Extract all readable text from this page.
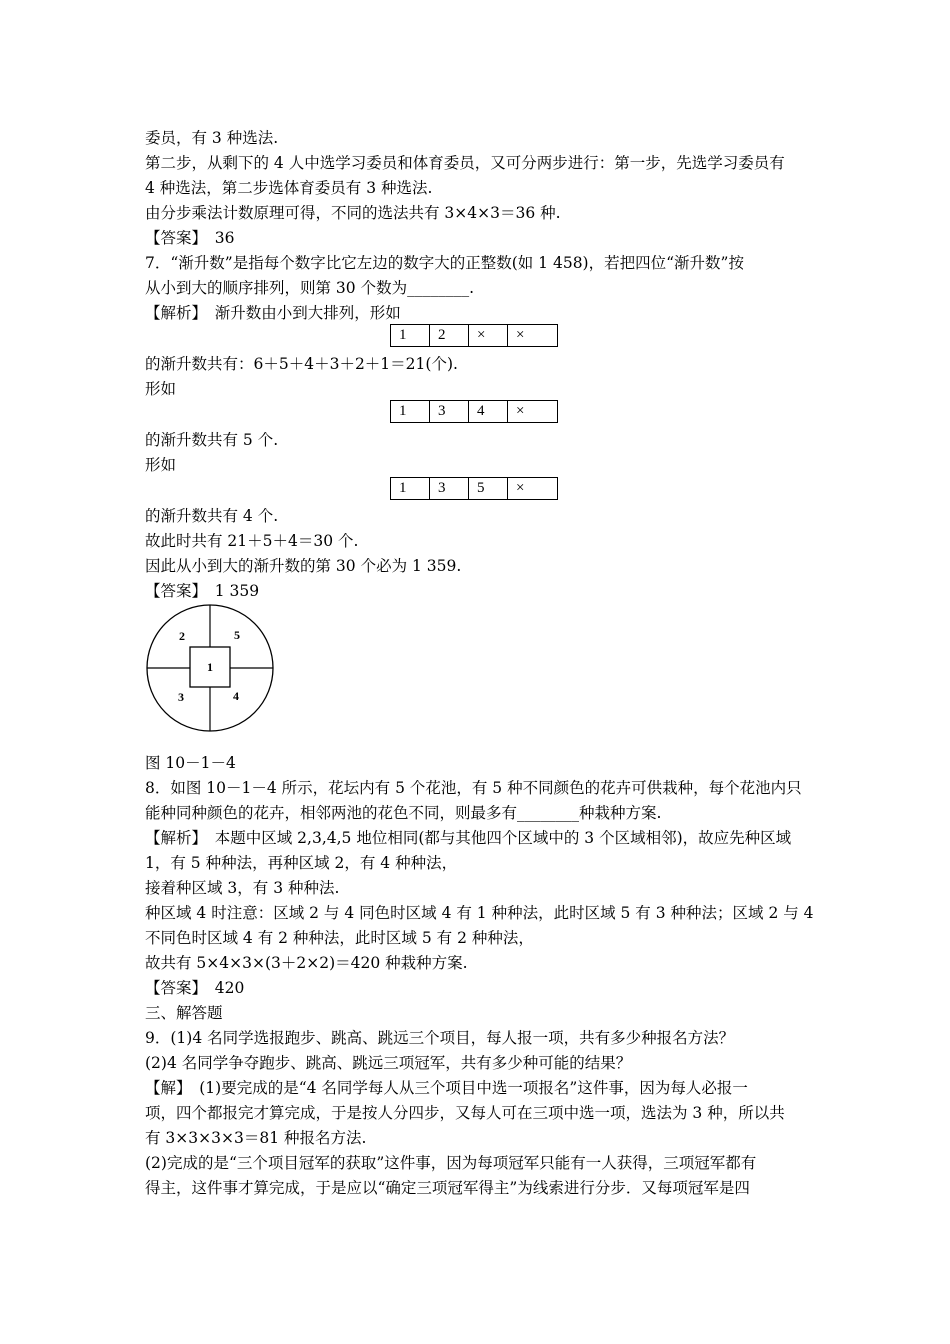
委员，有 3 种选法.
第二步，从剩下的 4 人中选学习委员和体育委员，又可分两步进行：第一步，先选学习委员有
4 种选法，第二步选体育委员有 3 种选法.
由分步乘法计数原理可得，不同的选法共有 3×4×3＝36 种.
【答案】　36
7．“渐升数”是指每个数字比它左边的数字大的正整数(如 1 458)，若把四位“渐升数”按
从小到大的顺序排列，则第 30 个数为________.
【解析】　渐升数由小到大排列，形如
1	2	×	×
的渐升数共有：6＋5＋4＋3＋2＋1＝21(个).
形如
1	3	4	×
的渐升数共有 5 个.
形如
1	3	5	×
的渐升数共有 4 个.
故此时共有 21＋5＋4＝30 个.
因此从小到大的渐升数的第 30 个必为 1 359.
【答案】　1 359
1
2
3	4
5
图 10－1－4
8．如图 10－1－4 所示，花坛内有 5 个花池，有 5 种不同颜色的花卉可供栽种，每个花池内只
能种同种颜色的花卉，相邻两池的花色不同，则最多有________种栽种方案.
【解析】　本题中区域 2,3,4,5 地位相同(都与其他四个区域中的 3 个区域相邻)，故应先种区域
1，有 5 种种法，再种区域 2，有 4 种种法，
接着种区域 3，有 3 种种法.
种区域 4 时注意：区域 2 与 4 同色时区域 4 有 1 种种法，此时区域 5 有 3 种种法；区域 2 与 4
不同色时区域 4 有 2 种种法，此时区域 5 有 2 种种法，
故共有 5×4×3×(3＋2×2)＝420 种栽种方案.
【答案】　420
三、解答题
9．(1)4 名同学选报跑步、跳高、跳远三个项目，每人报一项，共有多少种报名方法？
(2)4 名同学争夺跑步、跳高、跳远三项冠军，共有多少种可能的结果？
【解】　(1)要完成的是“4 名同学每人从三个项目中选一项报名”这件事，因为每人必报一
项，四个都报完才算完成，于是按人分四步，又每人可在三项中选一项，选法为 3 种，所以共
有 3×3×3×3＝81 种报名方法.
(2)完成的是“三个项目冠军的获取”这件事，因为每项冠军只能有一人获得，三项冠军都有
得主，这件事才算完成，于是应以“确定三项冠军得主”为线索进行分步．又每项冠军是四
